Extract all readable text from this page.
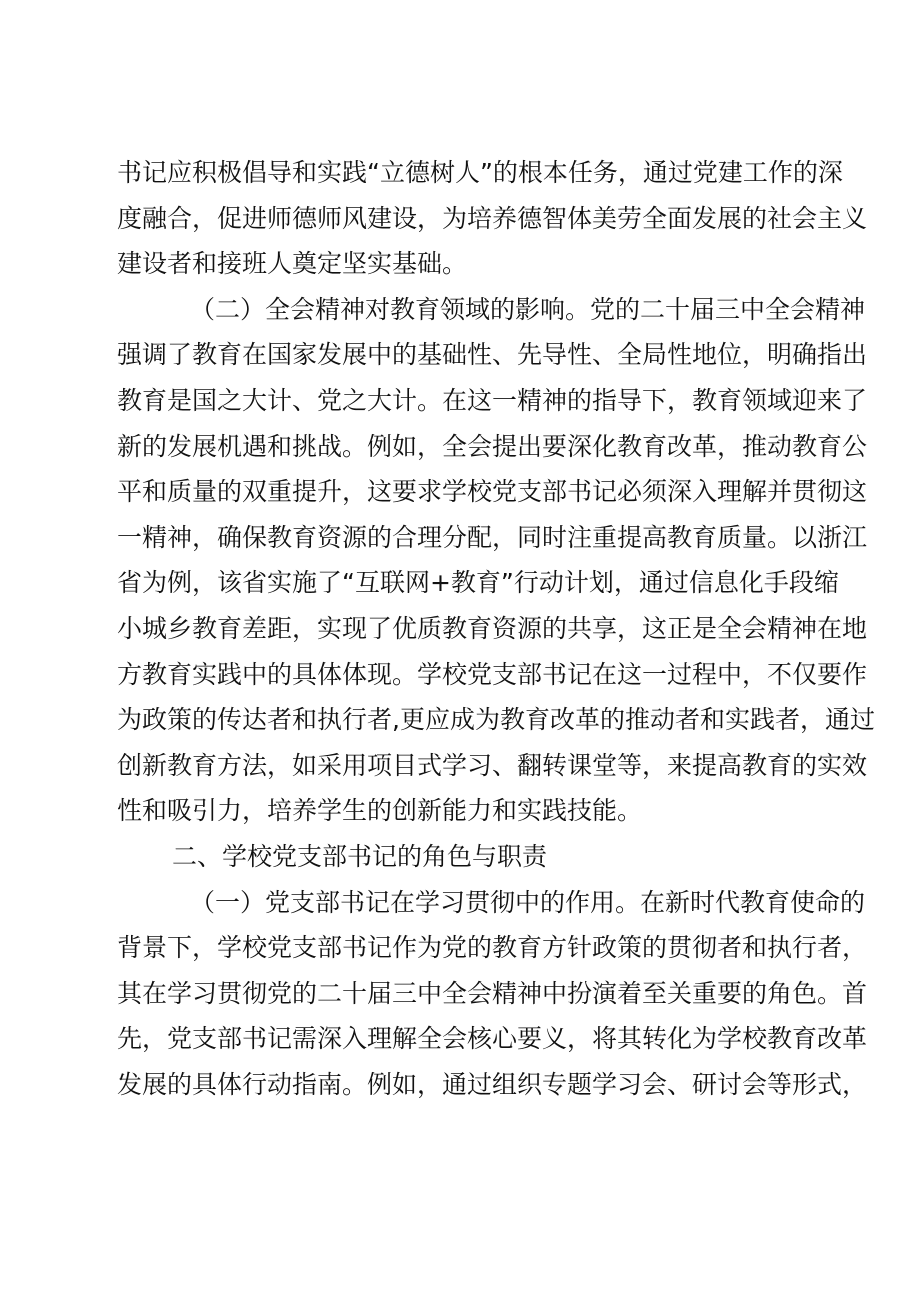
书记应积极倡导和实践“立德树人”的根本任务，通过党建工作的深
度融合，促进师德师风建设，为培养德智体美劳全面发展的社会主义
建设者和接班人奠定坚实基础。
（二）全会精神对教育领域的影响。党的二十届三中全会精神
强调了教育在国家发展中的基础性、先导性、全局性地位，明确指出
教育是国之大计、党之大计。在这一精神的指导下，教育领域迎来了
新的发展机遇和挑战。例如，全会提出要深化教育改革，推动教育公
平和质量的双重提升，这要求学校党支部书记必须深入理解并贯彻这
一精神，确保教育资源的合理分配，同时注重提高教育质量。以浙江
省为例，该省实施了“互联网+教育”行动计划，通过信息化手段缩
小城乡教育差距，实现了优质教育资源的共享，这正是全会精神在地
方教育实践中的具体体现。学校党支部书记在这一过程中，不仅要作
为政策的传达者和执行者,更应成为教育改革的推动者和实践者，通过
创新教育方法，如采用项目式学习、翻转课堂等，来提高教育的实效
性和吸引力，培养学生的创新能力和实践技能。
二、学校党支部书记的角色与职责
（一）党支部书记在学习贯彻中的作用。在新时代教育使命的
背景下，学校党支部书记作为党的教育方针政策的贯彻者和执行者，
其在学习贯彻党的二十届三中全会精神中扮演着至关重要的角色。首
先，党支部书记需深入理解全会核心要义，将其转化为学校教育改革
发展的具体行动指南。例如，通过组织专题学习会、研讨会等形式，
